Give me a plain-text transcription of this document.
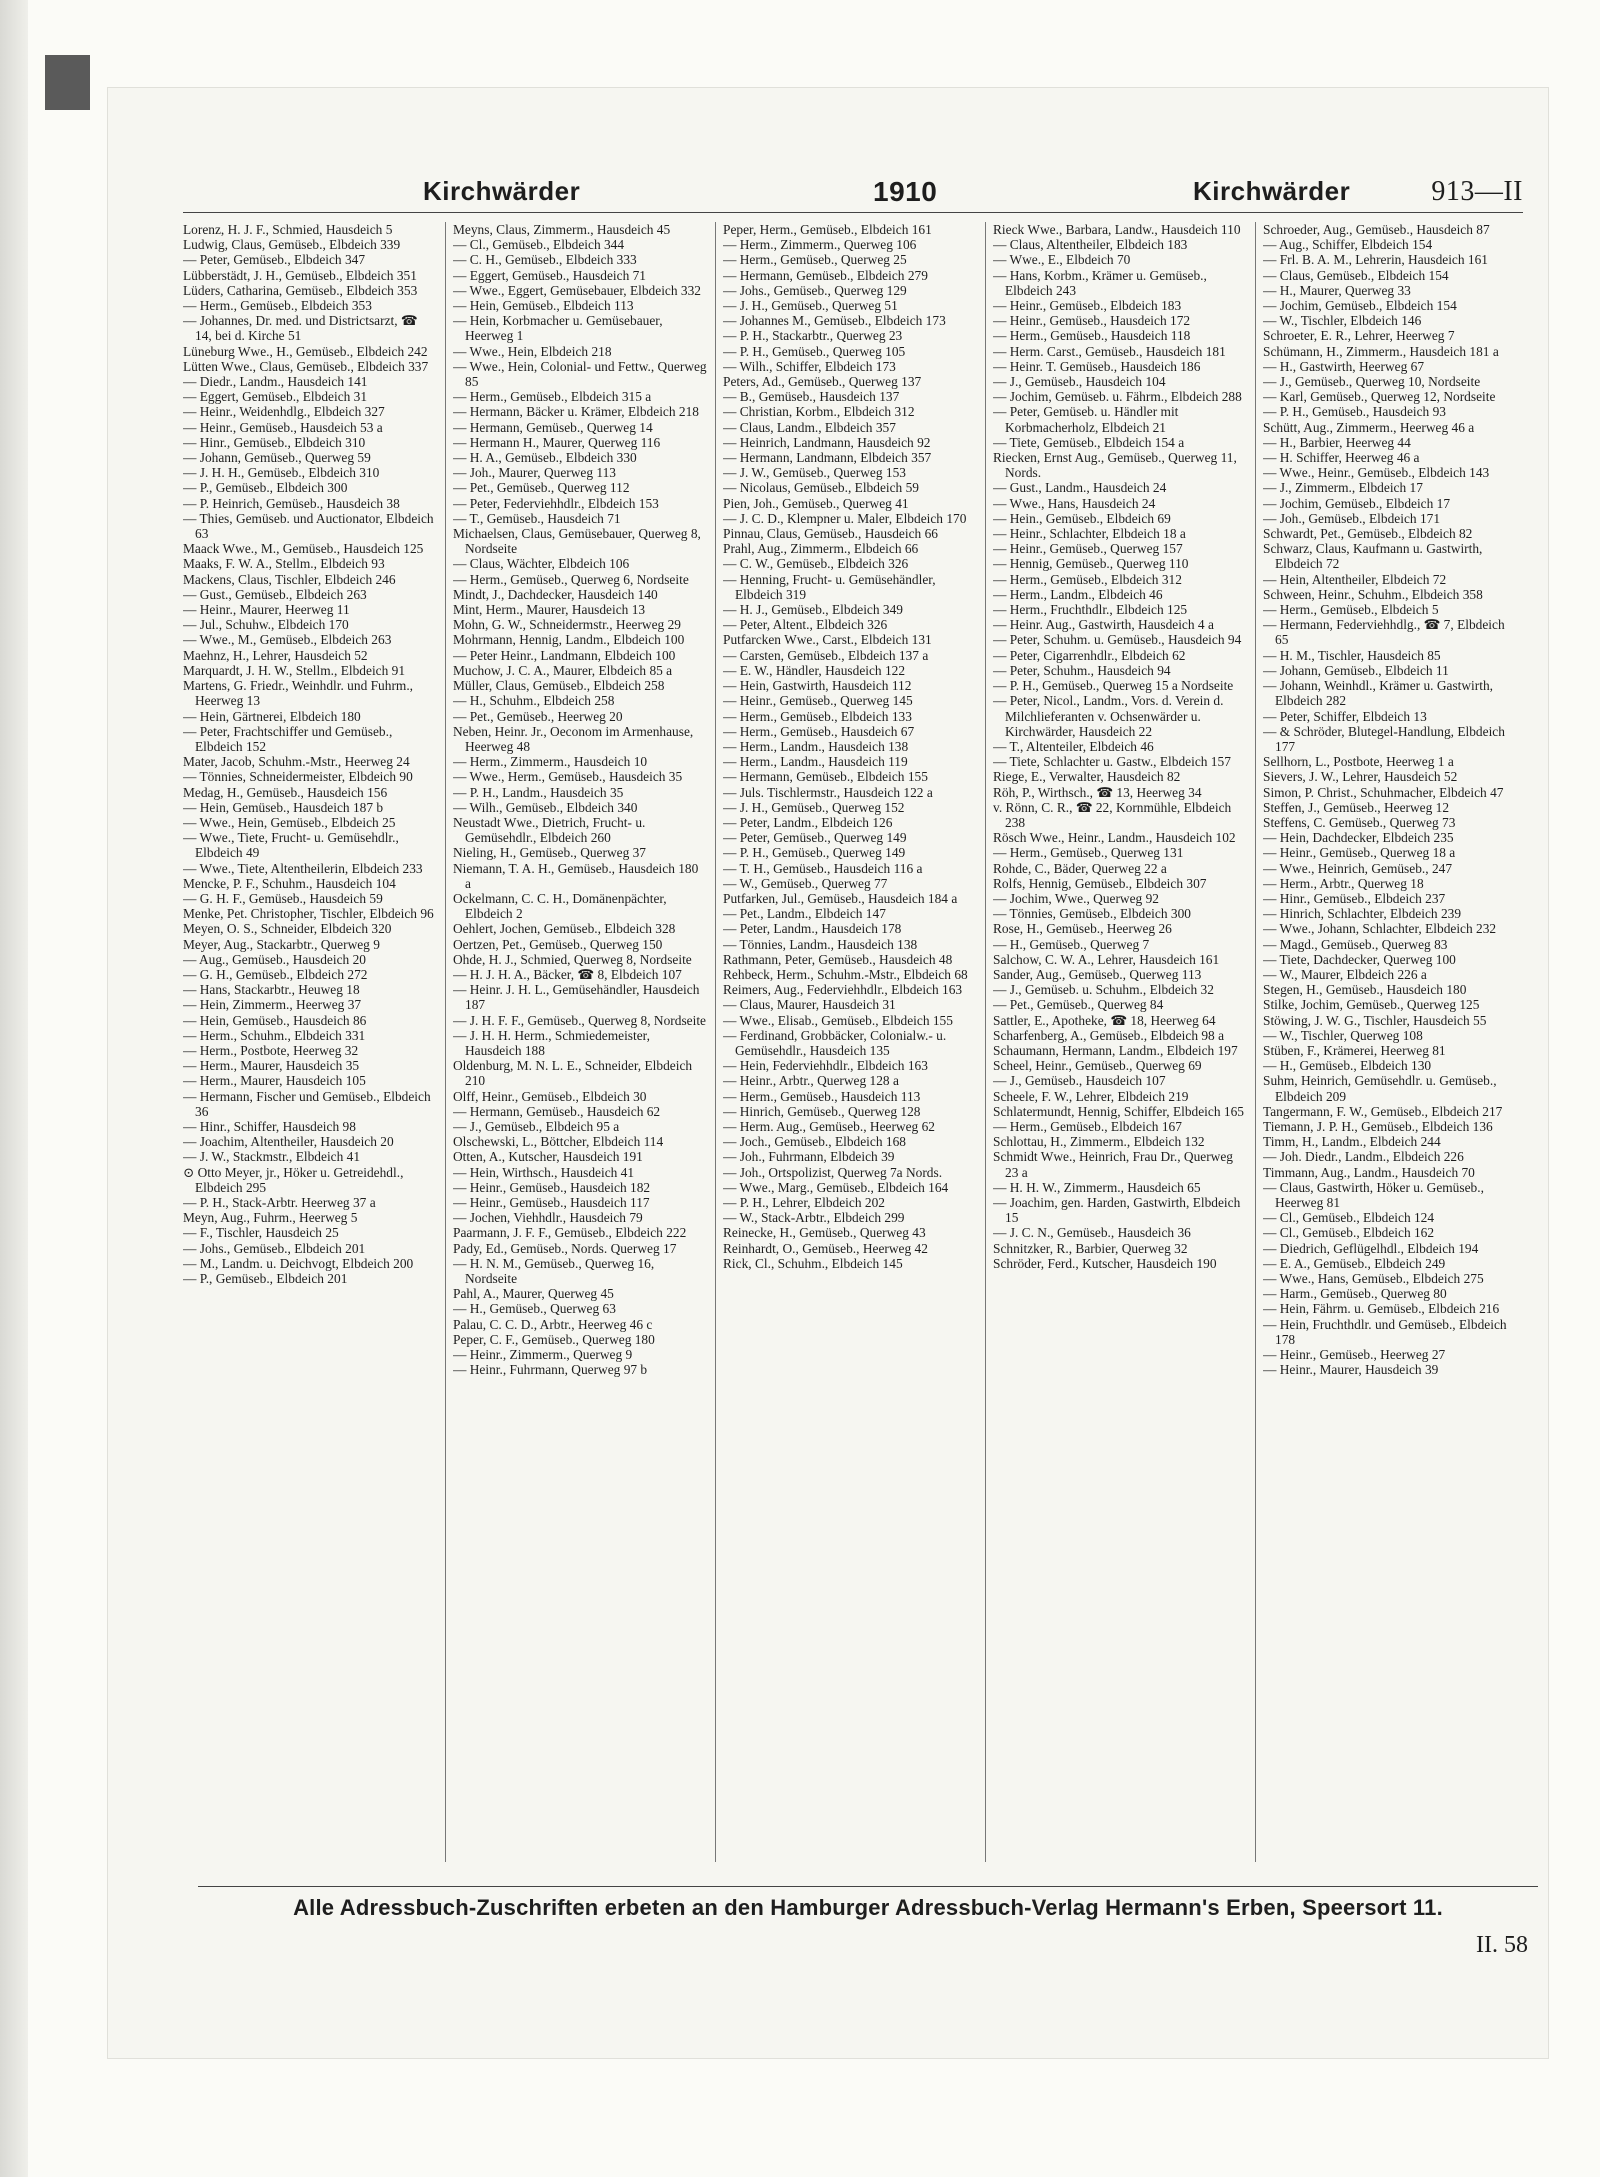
Kirchwärder	1910	Kirchwärder	913—II

Lorenz, H. J. F., Schmied, Hausdeich 5

Ludwig, Claus, Gemüseb., Elbdeich 339

— Peter, Gemüseb., Elbdeich 347

Lübberstädt, J. H., Gemüseb., Elbdeich 351

Lüders, Catharina, Gemüseb., Elbdeich 353

— Herm., Gemüseb., Elbdeich 353

— Johannes, Dr. med. und Districtsarzt, ☎ 14, bei d. Kirche 51

Lüneburg Wwe., H., Gemüseb., Elbdeich 242

Lütten Wwe., Claus, Gemüseb., Elbdeich 337

— Diedr., Landm., Hausdeich 141

— Eggert, Gemüseb., Elbdeich 31

— Heinr., Weidenhdlg., Elbdeich 327

— Heinr., Gemüseb., Hausdeich 53 a

— Hinr., Gemüseb., Elbdeich 310

— Johann, Gemüseb., Querweg 59

— J. H. H., Gemüseb., Elbdeich 310

— P., Gemüseb., Elbdeich 300

— P. Heinrich, Gemüseb., Hausdeich 38

— Thies, Gemüseb. und Auctionator, Elbdeich 63

Maack Wwe., M., Gemüseb., Hausdeich 125

Maaks, F. W. A., Stellm., Elbdeich 93

Mackens, Claus, Tischler, Elbdeich 246

— Gust., Gemüseb., Elbdeich 263

— Heinr., Maurer, Heerweg 11

— Jul., Schuhw., Elbdeich 170

— Wwe., M., Gemüseb., Elbdeich 263

Maehnz, H., Lehrer, Hausdeich 52

Marquardt, J. H. W., Stellm., Elbdeich 91

Martens, G. Friedr., Weinhdlr. und Fuhrm., Heerweg 13

— Hein, Gärtnerei, Elbdeich 180

— Peter, Frachtschiffer und Gemüseb., Elbdeich 152

Mater, Jacob, Schuhm.-Mstr., Heerweg 24

— Tönnies, Schneidermeister, Elbdeich 90

Medag, H., Gemüseb., Hausdeich 156

— Hein, Gemüseb., Hausdeich 187 b

— Wwe., Hein, Gemüseb., Elbdeich 25

— Wwe., Tiete, Frucht- u. Gemüsehdlr., Elbdeich 49

— Wwe., Tiete, Altentheilerin, Elbdeich 233

Mencke, P. F., Schuhm., Hausdeich 104

— G. H. F., Gemüseb., Hausdeich 59

Menke, Pet. Christopher, Tischler, Elbdeich 96

Meyen, O. S., Schneider, Elbdeich 320

Meyer, Aug., Stackarbtr., Querweg 9

— Aug., Gemüseb., Hausdeich 20

— G. H., Gemüseb., Elbdeich 272

— Hans, Stackarbtr., Heuweg 18

— Hein, Zimmerm., Heerweg 37

— Hein, Gemüseb., Hausdeich 86

— Herm., Schuhm., Elbdeich 331

— Herm., Postbote, Heerweg 32

— Herm., Maurer, Hausdeich 35

— Herm., Maurer, Hausdeich 105

— Hermann, Fischer und Gemüseb., Elbdeich 36

— Hinr., Schiffer, Hausdeich 98

— Joachim, Altentheiler, Hausdeich 20

— J. W., Stackmstr., Elbdeich 41

⊙ Otto Meyer, jr., Höker u. Getreidehdl., Elbdeich 295

— P. H., Stack-Arbtr. Heerweg 37 a

Meyn, Aug., Fuhrm., Heerweg 5

— F., Tischler, Hausdeich 25

— Johs., Gemüseb., Elbdeich 201

— M., Landm. u. Deichvogt, Elbdeich 200

— P., Gemüseb., Elbdeich 201

Meyns, Claus, Zimmerm., Hausdeich 45

— Cl., Gemüseb., Elbdeich 344

— C. H., Gemüseb., Elbdeich 333

— Eggert, Gemüseb., Hausdeich 71

— Wwe., Eggert, Gemüsebauer, Elbdeich 332

— Hein, Gemüseb., Elbdeich 113

— Hein, Korbmacher u. Gemüsebauer, Heerweg 1

— Wwe., Hein, Elbdeich 218

— Wwe., Hein, Colonial- und Fettw., Querweg 85

— Herm., Gemüseb., Elbdeich 315 a

— Hermann, Bäcker u. Krämer, Elbdeich 218

— Hermann, Gemüseb., Querweg 14

— Hermann H., Maurer, Querweg 116

— H. A., Gemüseb., Elbdeich 330

— Joh., Maurer, Querweg 113

— Pet., Gemüseb., Querweg 112

— Peter, Federviehhdlr., Elbdeich 153

— T., Gemüseb., Hausdeich 71

Michaelsen, Claus, Gemüsebauer, Querweg 8, Nordseite

— Claus, Wächter, Elbdeich 106

— Herm., Gemüseb., Querweg 6, Nordseite

Mindt, J., Dachdecker, Hausdeich 140

Mint, Herm., Maurer, Hausdeich 13

Mohn, G. W., Schneidermstr., Heerweg 29

Mohrmann, Hennig, Landm., Elbdeich 100

— Peter Heinr., Landmann, Elbdeich 100

Muchow, J. C. A., Maurer, Elbdeich 85 a

Müller, Claus, Gemüseb., Elbdeich 258

— H., Schuhm., Elbdeich 258

— Pet., Gemüseb., Heerweg 20

Neben, Heinr. Jr., Oeconom im Armenhause, Heerweg 48

— Herm., Zimmerm., Hausdeich 10

— Wwe., Herm., Gemüseb., Hausdeich 35

— P. H., Landm., Hausdeich 35

— Wilh., Gemüseb., Elbdeich 340

Neustadt Wwe., Dietrich, Frucht- u. Gemüsehdlr., Elbdeich 260

Nieling, H., Gemüseb., Querweg 37

Niemann, T. A. H., Gemüseb., Hausdeich 180 a

Ockelmann, C. C. H., Domänenpächter, Elbdeich 2

Oehlert, Jochen, Gemüseb., Elbdeich 328

Oertzen, Pet., Gemüseb., Querweg 150

Ohde, H. J., Schmied, Querweg 8, Nordseite

— H. J. H. A., Bäcker, ☎ 8, Elbdeich 107

— Heinr. J. H. L., Gemüsehändler, Hausdeich 187

— J. H. F. F., Gemüseb., Querweg 8, Nordseite

— J. H. H. Herm., Schmiedemeister, Hausdeich 188

Oldenburg, M. N. L. E., Schneider, Elbdeich 210

Olff, Heinr., Gemüseb., Elbdeich 30

— Hermann, Gemüseb., Hausdeich 62

— J., Gemüseb., Elbdeich 95 a

Olschewski, L., Böttcher, Elbdeich 114

Otten, A., Kutscher, Hausdeich 191

— Hein, Wirthsch., Hausdeich 41

— Heinr., Gemüseb., Hausdeich 182

— Heinr., Gemüseb., Hausdeich 117

— Jochen, Viehhdlr., Hausdeich 79

Paarmann, J. F. F., Gemüseb., Elbdeich 222

Pady, Ed., Gemüseb., Nords. Querweg 17

— H. N. M., Gemüseb., Querweg 16, Nordseite

Pahl, A., Maurer, Querweg 45

— H., Gemüseb., Querweg 63

Palau, C. C. D., Arbtr., Heerweg 46 c

Peper, C. F., Gemüseb., Querweg 180

— Heinr., Zimmerm., Querweg 9

— Heinr., Fuhrmann, Querweg 97 b

Peper, Herm., Gemüseb., Elbdeich 161

— Herm., Zimmerm., Querweg 106

— Herm., Gemüseb., Querweg 25

— Hermann, Gemüseb., Elbdeich 279

— Johs., Gemüseb., Querweg 129

— J. H., Gemüseb., Querweg 51

— Johannes M., Gemüseb., Elbdeich 173

— P. H., Stackarbtr., Querweg 23

— P. H., Gemüseb., Querweg 105

— Wilh., Schiffer, Elbdeich 173

Peters, Ad., Gemüseb., Querweg 137

— B., Gemüseb., Hausdeich 137

— Christian, Korbm., Elbdeich 312

— Claus, Landm., Elbdeich 357

— Heinrich, Landmann, Hausdeich 92

— Hermann, Landmann, Elbdeich 357

— J. W., Gemüseb., Querweg 153

— Nicolaus, Gemüseb., Elbdeich 59

Pien, Joh., Gemüseb., Querweg 41

— J. C. D., Klempner u. Maler, Elbdeich 170

Pinnau, Claus, Gemüseb., Hausdeich 66

Prahl, Aug., Zimmerm., Elbdeich 66

— C. W., Gemüseb., Elbdeich 326

— Henning, Frucht- u. Gemüsehändler, Elbdeich 319

— H. J., Gemüseb., Elbdeich 349

— Peter, Altent., Elbdeich 326

Putfarcken Wwe., Carst., Elbdeich 131

— Carsten, Gemüseb., Elbdeich 137 a

— E. W., Händler, Hausdeich 122

— Hein, Gastwirth, Hausdeich 112

— Heinr., Gemüseb., Querweg 145

— Herm., Gemüseb., Elbdeich 133

— Herm., Gemüseb., Hausdeich 67

— Herm., Landm., Hausdeich 138

— Herm., Landm., Hausdeich 119

— Hermann, Gemüseb., Elbdeich 155

— Juls. Tischlermstr., Hausdeich 122 a

— J. H., Gemüseb., Querweg 152

— Peter, Landm., Elbdeich 126

— Peter, Gemüseb., Querweg 149

— P. H., Gemüseb., Querweg 149

— T. H., Gemüseb., Hausdeich 116 a

— W., Gemüseb., Querweg 77

Putfarken, Jul., Gemüseb., Hausdeich 184 a

— Pet., Landm., Elbdeich 147

— Peter, Landm., Hausdeich 178

— Tönnies, Landm., Hausdeich 138

Rathmann, Peter, Gemüseb., Hausdeich 48

Rehbeck, Herm., Schuhm.-Mstr., Elbdeich 68

Reimers, Aug., Federviehhdlr., Elbdeich 163

— Claus, Maurer, Hausdeich 31

— Wwe., Elisab., Gemüseb., Elbdeich 155

— Ferdinand, Grobbäcker, Colonialw.- u. Gemüsehdlr., Hausdeich 135

— Hein, Federviehhdlr., Elbdeich 163

— Heinr., Arbtr., Querweg 128 a

— Herm., Gemüseb., Hausdeich 113

— Hinrich, Gemüseb., Querweg 128

— Herm. Aug., Gemüseb., Heerweg 62

— Joch., Gemüseb., Elbdeich 168

— Joh., Fuhrmann, Elbdeich 39

— Joh., Ortspolizist, Querweg 7a Nords.

— Wwe., Marg., Gemüseb., Elbdeich 164

— P. H., Lehrer, Elbdeich 202

— W., Stack-Arbtr., Elbdeich 299

Reinecke, H., Gemüseb., Querweg 43

Reinhardt, O., Gemüseb., Heerweg 42

Rick, Cl., Schuhm., Elbdeich 145

Rieck Wwe., Barbara, Landw., Hausdeich 110

— Claus, Altentheiler, Elbdeich 183

— Wwe., E., Elbdeich 70

— Hans, Korbm., Krämer u. Gemüseb., Elbdeich 243

— Heinr., Gemüseb., Elbdeich 183

— Heinr., Gemüseb., Hausdeich 172

— Herm., Gemüseb., Hausdeich 118

— Herm. Carst., Gemüseb., Hausdeich 181

— Heinr. T. Gemüseb., Hausdeich 186

— J., Gemüseb., Hausdeich 104

— Jochim, Gemüseb. u. Fährm., Elbdeich 288

— Peter, Gemüseb. u. Händler mit Korbmacherholz, Elbdeich 21

— Tiete, Gemüseb., Elbdeich 154 a

Riecken, Ernst Aug., Gemüseb., Querweg 11, Nords.

— Gust., Landm., Hausdeich 24

— Wwe., Hans, Hausdeich 24

— Hein., Gemüseb., Elbdeich 69

— Heinr., Schlachter, Elbdeich 18 a

— Heinr., Gemüseb., Querweg 157

— Hennig, Gemüseb., Querweg 110

— Herm., Gemüseb., Elbdeich 312

— Herm., Landm., Elbdeich 46

— Herm., Fruchthdlr., Elbdeich 125

— Heinr. Aug., Gastwirth, Hausdeich 4 a

— Peter, Schuhm. u. Gemüseb., Hausdeich 94

— Peter, Cigarrenhdlr., Elbdeich 62

— Peter, Schuhm., Hausdeich 94

— P. H., Gemüseb., Querweg 15 a Nordseite

— Peter, Nicol., Landm., Vors. d. Verein d. Milchlieferanten v. Ochsenwärder u. Kirchwärder, Hausdeich 22

— T., Altenteiler, Elbdeich 46

— Tiete, Schlachter u. Gastw., Elbdeich 157

Riege, E., Verwalter, Hausdeich 82

Röh, P., Wirthsch., ☎ 13, Heerweg 34

v. Rönn, C. R., ☎ 22, Kornmühle, Elbdeich 238

Rösch Wwe., Heinr., Landm., Hausdeich 102

— Herm., Gemüseb., Querweg 131

Rohde, C., Bäder, Querweg 22 a

Rolfs, Hennig, Gemüseb., Elbdeich 307

— Jochim, Wwe., Querweg 92

— Tönnies, Gemüseb., Elbdeich 300

Rose, H., Gemüseb., Heerweg 26

— H., Gemüseb., Querweg 7

Salchow, C. W. A., Lehrer, Hausdeich 161

Sander, Aug., Gemüseb., Querweg 113

— J., Gemüseb. u. Schuhm., Elbdeich 32

— Pet., Gemüseb., Querweg 84

Sattler, E., Apotheke, ☎ 18, Heerweg 64

Scharfenberg, A., Gemüseb., Elbdeich 98 a

Schaumann, Hermann, Landm., Elbdeich 197

Scheel, Heinr., Gemüseb., Querweg 69

— J., Gemüseb., Hausdeich 107

Scheele, F. W., Lehrer, Elbdeich 219

Schlatermundt, Hennig, Schiffer, Elbdeich 165

— Herm., Gemüseb., Elbdeich 167

Schlottau, H., Zimmerm., Elbdeich 132

Schmidt Wwe., Heinrich, Frau Dr., Querweg 23 a

— H. H. W., Zimmerm., Hausdeich 65

— Joachim, gen. Harden, Gastwirth, Elbdeich 15

— J. C. N., Gemüseb., Hausdeich 36

Schnitzker, R., Barbier, Querweg 32

Schröder, Ferd., Kutscher, Hausdeich 190

Schroeder, Aug., Gemüseb., Hausdeich 87

— Aug., Schiffer, Elbdeich 154

— Frl. B. A. M., Lehrerin, Hausdeich 161

— Claus, Gemüseb., Elbdeich 154

— H., Maurer, Querweg 33

— Jochim, Gemüseb., Elbdeich 154

— W., Tischler, Elbdeich 146

Schroeter, E. R., Lehrer, Heerweg 7

Schümann, H., Zimmerm., Hausdeich 181 a

— H., Gastwirth, Heerweg 67

— J., Gemüseb., Querweg 10, Nordseite

— Karl, Gemüseb., Querweg 12, Nordseite

— P. H., Gemüseb., Hausdeich 93

Schütt, Aug., Zimmerm., Heerweg 46 a

— H., Barbier, Heerweg 44

— H. Schiffer, Heerweg 46 a

— Wwe., Heinr., Gemüseb., Elbdeich 143

— J., Zimmerm., Elbdeich 17

— Jochim, Gemüseb., Elbdeich 17

— Joh., Gemüseb., Elbdeich 171

Schwardt, Pet., Gemüseb., Elbdeich 82

Schwarz, Claus, Kaufmann u. Gastwirth, Elbdeich 72

— Hein, Altentheiler, Elbdeich 72

Schween, Heinr., Schuhm., Elbdeich 358

— Herm., Gemüseb., Elbdeich 5

— Hermann, Federviehhdlg., ☎ 7, Elbdeich 65

— H. M., Tischler, Hausdeich 85

— Johann, Gemüseb., Elbdeich 11

— Johann, Weinhdl., Krämer u. Gastwirth, Elbdeich 282

— Peter, Schiffer, Elbdeich 13

— & Schröder, Blutegel-Handlung, Elbdeich 177

Sellhorn, L., Postbote, Heerweg 1 a

Sievers, J. W., Lehrer, Hausdeich 52

Simon, P. Christ., Schuhmacher, Elbdeich 47

Steffen, J., Gemüseb., Heerweg 12

Steffens, C. Gemüseb., Querweg 73

— Hein, Dachdecker, Elbdeich 235

— Heinr., Gemüseb., Querweg 18 a

— Wwe., Heinrich, Gemüseb., 247

— Herm., Arbtr., Querweg 18

— Hinr., Gemüseb., Elbdeich 237

— Hinrich, Schlachter, Elbdeich 239

— Wwe., Johann, Schlachter, Elbdeich 232

— Magd., Gemüseb., Querweg 83

— Tiete, Dachdecker, Querweg 100

— W., Maurer, Elbdeich 226 a

Stegen, H., Gemüseb., Hausdeich 180

Stilke, Jochim, Gemüseb., Querweg 125

Stöwing, J. W. G., Tischler, Hausdeich 55

— W., Tischler, Querweg 108

Stüben, F., Krämerei, Heerweg 81

— H., Gemüseb., Elbdeich 130

Suhm, Heinrich, Gemüsehdlr. u. Gemüseb., Elbdeich 209

Tangermann, F. W., Gemüseb., Elbdeich 217

Tiemann, J. P. H., Gemüseb., Elbdeich 136

Timm, H., Landm., Elbdeich 244

— Joh. Diedr., Landm., Elbdeich 226

Timmann, Aug., Landm., Hausdeich 70

— Claus, Gastwirth, Höker u. Gemüseb., Heerweg 81

— Cl., Gemüseb., Elbdeich 124

— Cl., Gemüseb., Elbdeich 162

— Diedrich, Geflügelhdl., Elbdeich 194

— E. A., Gemüseb., Elbdeich 249

— Wwe., Hans, Gemüseb., Elbdeich 275

— Harm., Gemüseb., Querweg 80

— Hein, Fährm. u. Gemüseb., Elbdeich 216

— Hein, Fruchthdlr. und Gemüseb., Elbdeich 178

— Heinr., Gemüseb., Heerweg 27

— Heinr., Maurer, Hausdeich 39

Alle Adressbuch-Zuschriften erbeten an den Hamburger Adressbuch-Verlag Hermann's Erben, Speersort 11.
II. 58
